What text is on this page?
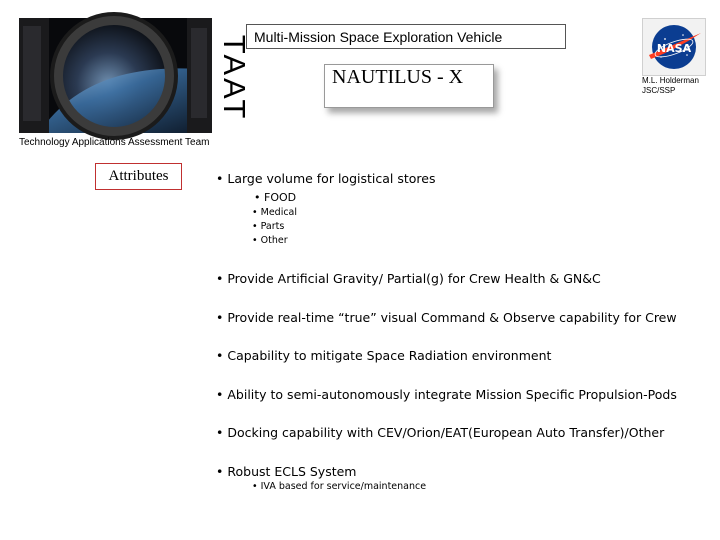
TAAT
Technology Applications Assessment Team
Multi-Mission Space Exploration Vehicle
NAUTILUS - X
NASA
M.L. Holderman
JSC/SSP
Attributes
•	Large volume for logistical stores
• FOOD
• Medical
• Parts
• Other
• Provide Artificial Gravity/ Partial(g) for Crew Health & GN&C
• Provide real-time “true” visual Command & Observe capability for Crew
• Capability to mitigate Space Radiation environment
• Ability to semi-autonomously integrate Mission Specific Propulsion-Pods
• Docking capability with CEV/Orion/EAT(European Auto Transfer)/Other
• Robust ECLS System
• IVA based for service/maintenance
